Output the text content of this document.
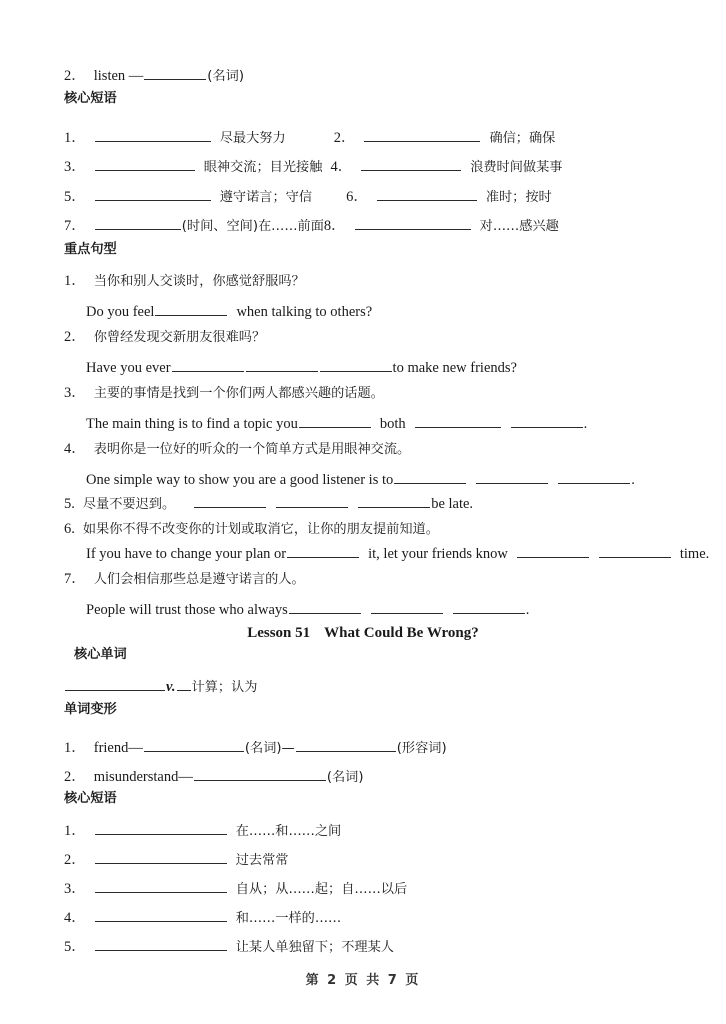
2． listen —	(名词)
核心短语
1．	尽最大努力	2．	确信；确保
3．	眼神交流；目光接触 4．	浪费时间做某事
5．	遵守诺言；守信 6．	准时；按时
7．	(时间、空间)在……前面8．	对……感兴趣
重点句型
1． 当你和别人交谈时，你感觉舒服吗？
Do you feel	when talking to others?
2． 你曾经发现交新朋友很难吗？
Have you ever	to make new friends?
3． 主要的事情是找到一个你们两人都感兴趣的话题。
The main thing is to find a topic you	both	.
4． 表明你是一位好的听众的一个简单方式是用眼神交流。
One simple way to show you are a good listener is to	.
5. 尽量不要迟到。	be late.
6. 如果你不得不改变你的计划或取消它，让你的朋友提前知道。
If you have to change your plan or	it, let your friends know	time.
7． 人们会相信那些总是遵守诺言的人。
People will trust those who always	.
Lesson 51 What Could Be Wrong?
核心单词
v. 计算；认为
单词变形
1． friend—	(名词)—	(形容词)
2． misunderstand—	(名词)
核心短语
1．	在……和……之间
2．	过去常常
3．	自从；从……起；自……以后
4．	和……一样的……
5．	让某人单独留下；不理某人
第 2 页 共 7 页
